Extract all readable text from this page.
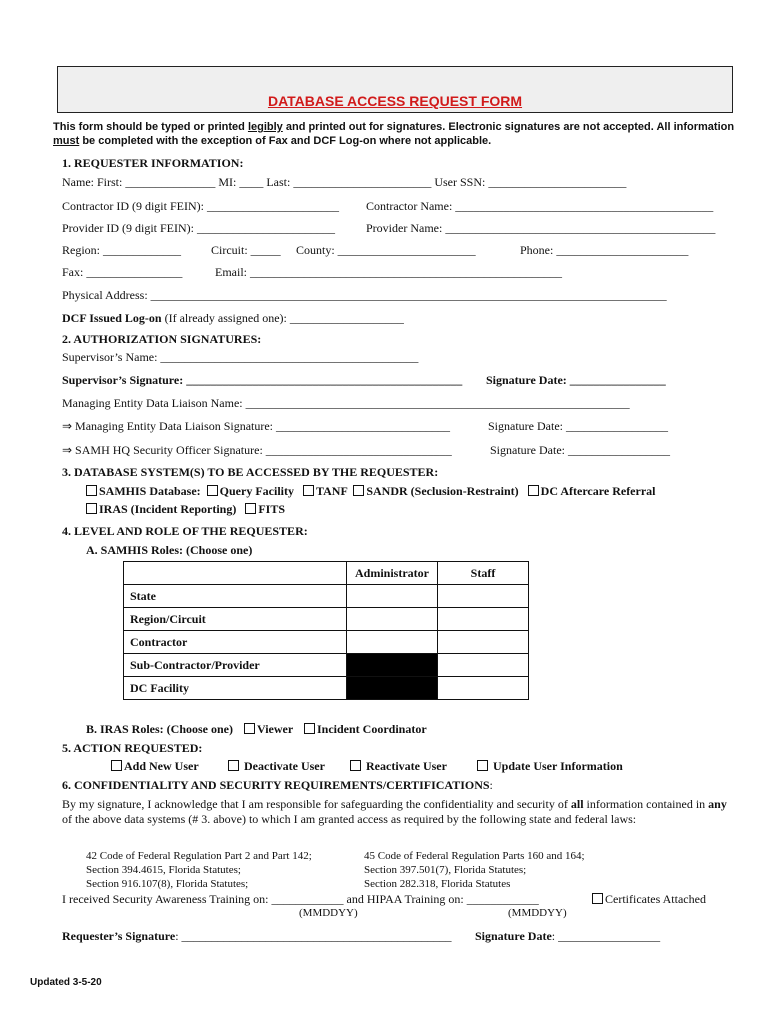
DATABASE ACCESS REQUEST FORM
This form should be typed or printed legibly and printed out for signatures. Electronic signatures are not accepted. All information must be completed with the exception of Fax and DCF Log-on where not applicable.
1. REQUESTER INFORMATION:
Name: First: _______________ MI: ____ Last: _______________________ User SSN: _______________________
Contractor ID (9 digit FEIN): ______________________ Contractor Name: ___________________________________________
Provider ID (9 digit FEIN): _______________________	Provider Name: _____________________________________________
Region: _____________	Circuit: _____ County: _______________________	Phone: ______________________
Fax: ________________	Email: ____________________________________________________
Physical Address: ______________________________________________________________________________________
DCF Issued Log-on (If already assigned one): ___________________
2. AUTHORIZATION SIGNATURES:
Supervisor’s Name: ___________________________________________
Supervisor’s Signature: ______________________________________________ Signature Date: ________________
Managing Entity Data Liaison Name: ________________________________________________________________
⇒ Managing Entity Data Liaison Signature: _____________________________	Signature Date: _________________
⇒ SAMH HQ Security Officer Signature: _______________________________	Signature Date: _________________
3. DATABASE SYSTEM(S) TO BE ACCESSED BY THE REQUESTER:
SAMHIS Database: Query Facility TANF SANDR (Seclusion-Restraint) DC Aftercare Referral
IRAS (Incident Reporting) FITS
4. LEVEL AND ROLE OF THE REQUESTER:
A. SAMHIS Roles: (Choose one)
	Administrator	Staff
State		
Region/Circuit		
Contractor		
Sub-Contractor/Provider		
DC Facility		
B. IRAS Roles: (Choose one) Viewer Incident Coordinator
5. ACTION REQUESTED:
Add New User	Deactivate User	Reactivate User	Update User Information
6. CONFIDENTIALITY AND SECURITY REQUIREMENTS/CERTIFICATIONS:
By my signature, I acknowledge that I am responsible for safeguarding the confidentiality and security of all information contained in any of the above data systems (# 3. above) to which I am granted access as required by the following state and federal laws:
42 Code of Federal Regulation Part 2 and Part 142;
Section 394.4615, Florida Statutes;
Section 916.107(8), Florida Statutes;
45 Code of Federal Regulation Parts 160 and 164;
Section 397.501(7), Florida Statutes;
Section 282.318, Florida Statutes
I received Security Awareness Training on: ____________ and HIPAA Training on: ____________	Certificates Attached
(MMDDYY)	(MMDDYY)
Requester’s Signature: _____________________________________________ Signature Date: _________________
Updated 3-5-20
